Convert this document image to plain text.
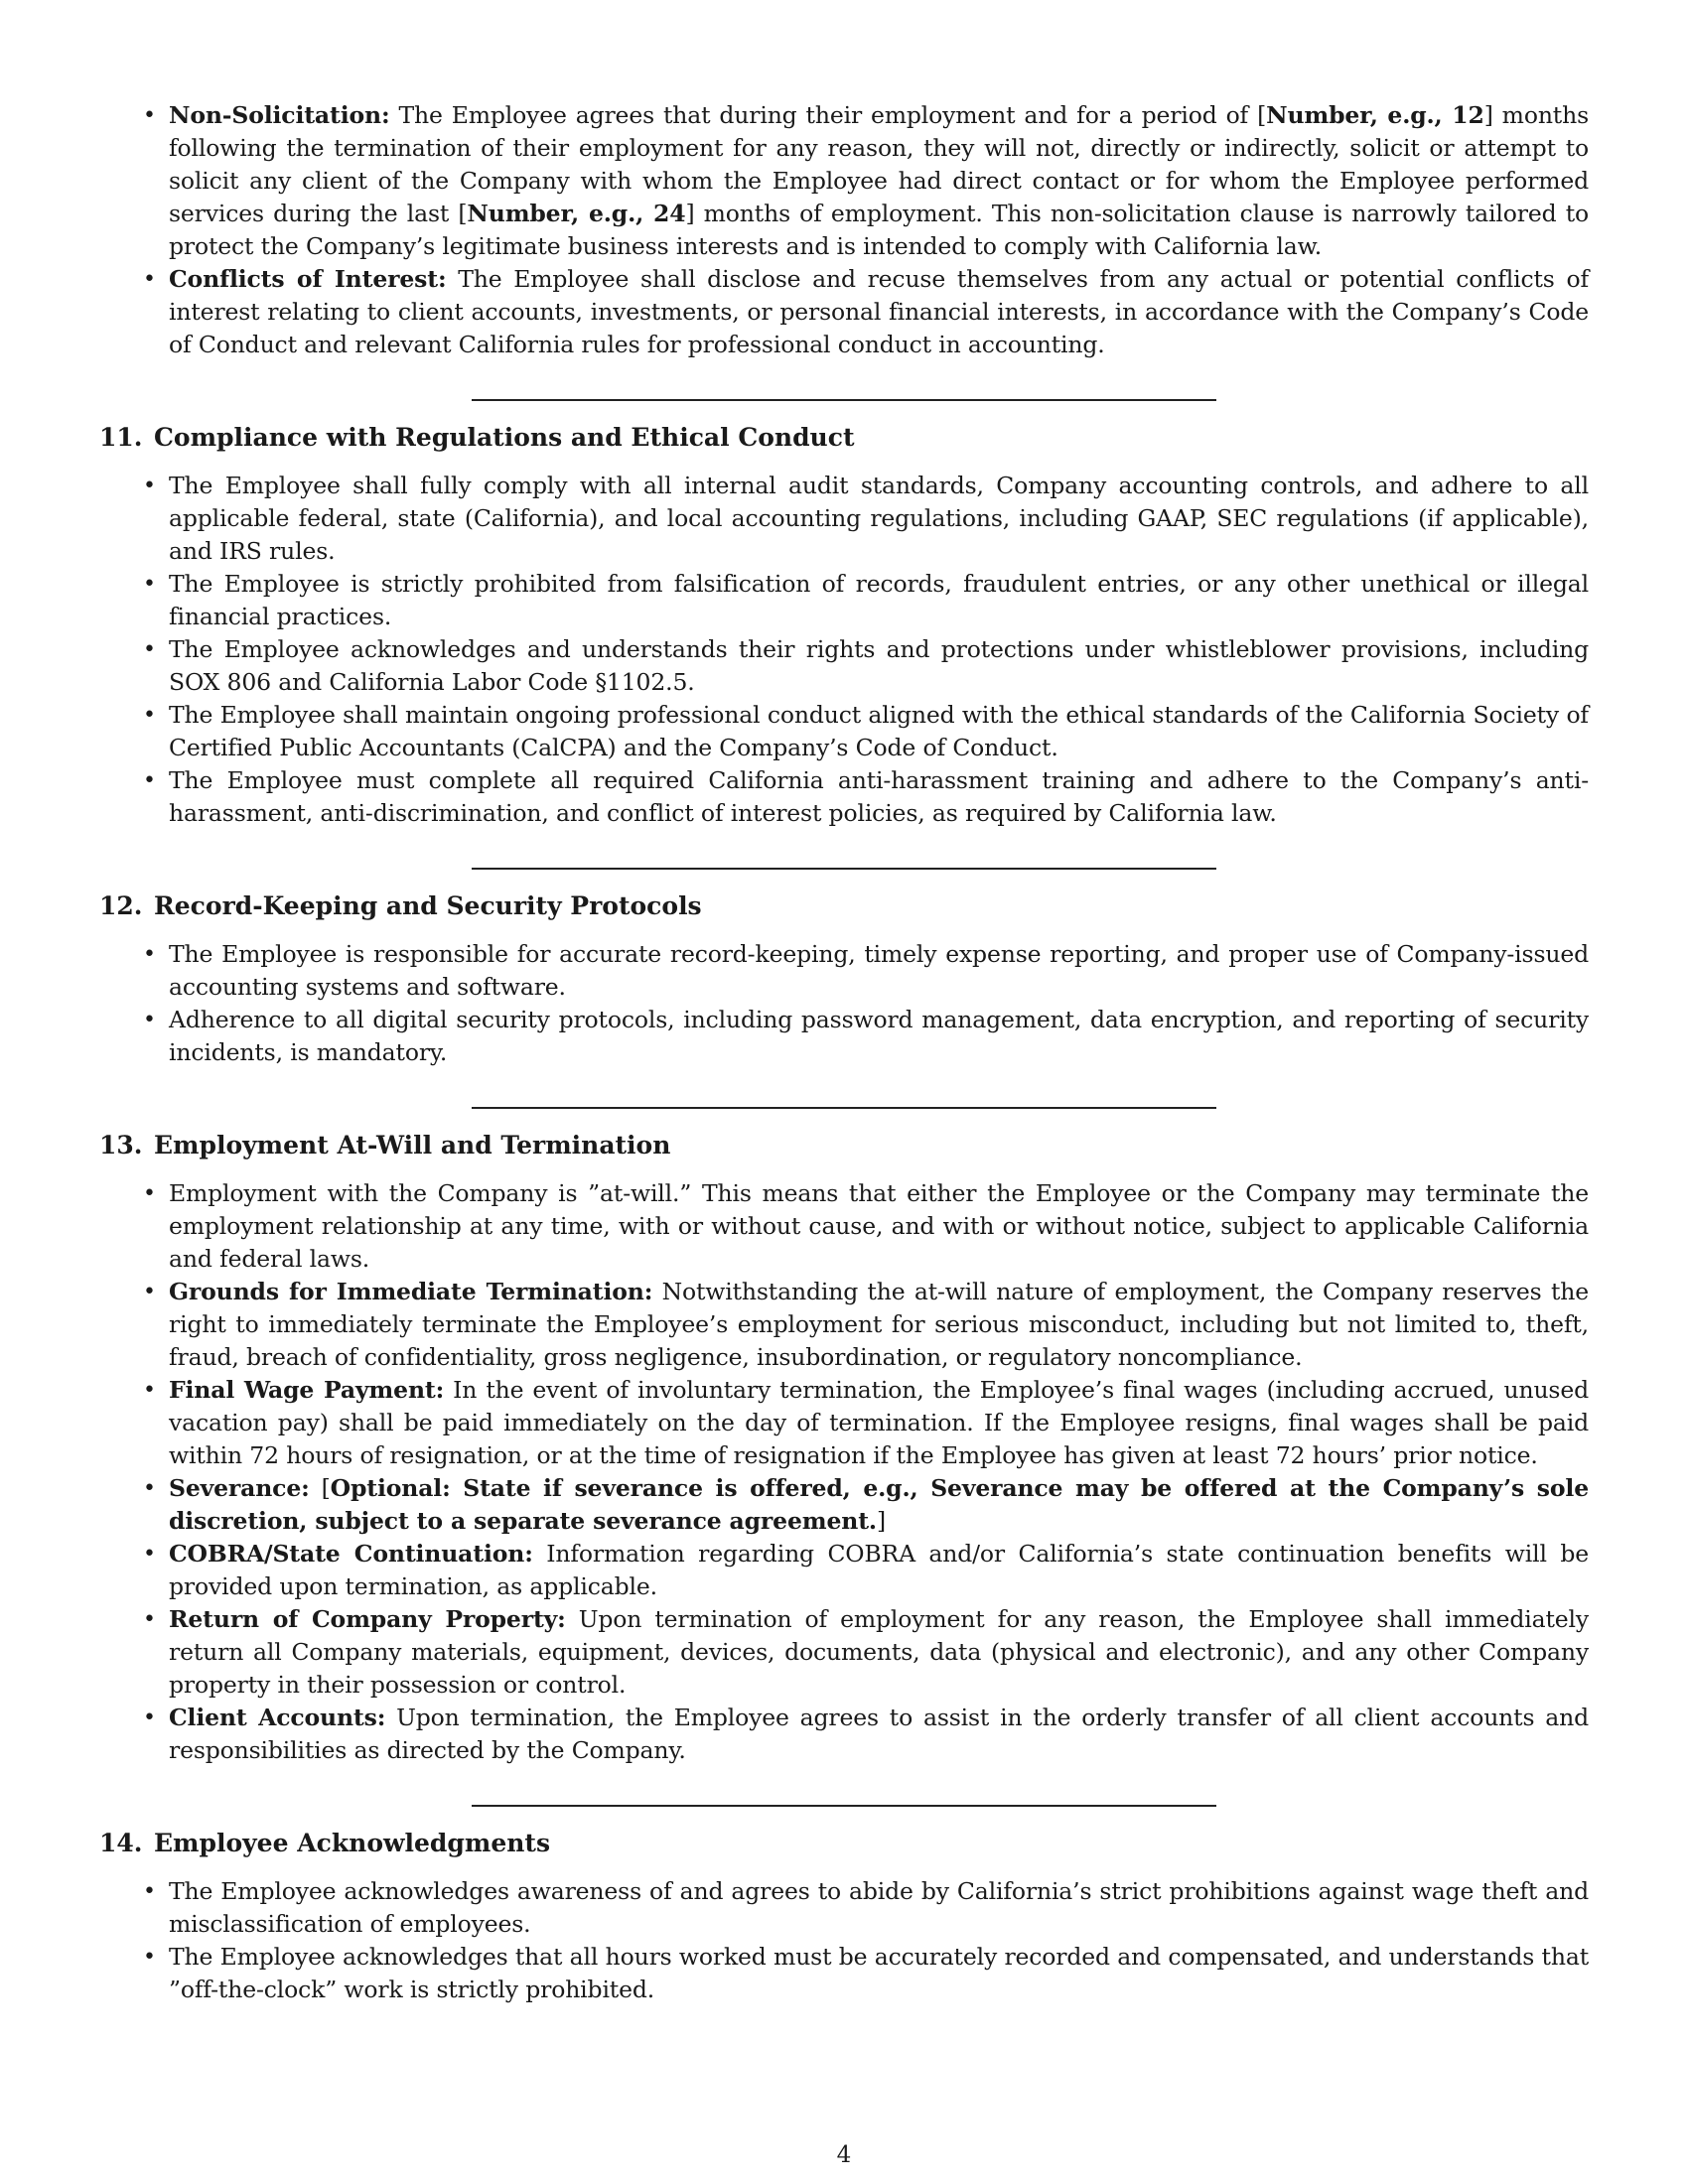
• Non-Solicitation: The Employee agrees that during their employment and for a period of [Number, e.g., 12] months following the termination of their employment for any reason, they will not, directly or indirectly, solicit or attempt to solicit any client of the Company with whom the Employee had direct contact or for whom the Employee performed services during the last [Number, e.g., 24] months of employment. This non-solicitation clause is narrowly tailored to protect the Company’s legitimate business interests and is intended to comply with California law.
• Conflicts of Interest: The Employee shall disclose and recuse themselves from any actual or potential conflicts of interest relating to client accounts, investments, or personal financial interests, in accordance with the Company’s Code of Conduct and relevant California rules for professional conduct in accounting.
11. Compliance with Regulations and Ethical Conduct
• The Employee shall fully comply with all internal audit standards, Company accounting controls, and adhere to all applicable federal, state (California), and local accounting regulations, including GAAP, SEC regulations (if applicable), and IRS rules.
• The Employee is strictly prohibited from falsification of records, fraudulent entries, or any other unethical or illegal financial practices.
• The Employee acknowledges and understands their rights and protections under whistleblower provisions, including SOX 806 and California Labor Code §1102.5.
• The Employee shall maintain ongoing professional conduct aligned with the ethical standards of the California Society of Certified Public Accountants (CalCPA) and the Company’s Code of Conduct.
• The Employee must complete all required California anti-harassment training and adhere to the Company’s anti-harassment, anti-discrimination, and conflict of interest policies, as required by California law.
12. Record-Keeping and Security Protocols
• The Employee is responsible for accurate record-keeping, timely expense reporting, and proper use of Company-issued accounting systems and software.
• Adherence to all digital security protocols, including password management, data encryption, and reporting of security incidents, is mandatory.
13. Employment At-Will and Termination
• Employment with the Company is ”at-will.” This means that either the Employee or the Company may terminate the employment relationship at any time, with or without cause, and with or without notice, subject to applicable California and federal laws.
• Grounds for Immediate Termination: Notwithstanding the at-will nature of employment, the Company reserves the right to immediately terminate the Employee’s employment for serious misconduct, including but not limited to, theft, fraud, breach of confidentiality, gross negligence, insubordination, or regulatory noncompliance.
• Final Wage Payment: In the event of involuntary termination, the Employee’s final wages (including accrued, unused vacation pay) shall be paid immediately on the day of termination. If the Employee resigns, final wages shall be paid within 72 hours of resignation, or at the time of resignation if the Employee has given at least 72 hours’ prior notice.
• Severance: [Optional: State if severance is offered, e.g., Severance may be offered at the Company’s sole discretion, subject to a separate severance agreement.]
• COBRA/State Continuation: Information regarding COBRA and/or California’s state continuation benefits will be provided upon termination, as applicable.
• Return of Company Property: Upon termination of employment for any reason, the Employee shall immediately return all Company materials, equipment, devices, documents, data (physical and electronic), and any other Company property in their possession or control.
• Client Accounts: Upon termination, the Employee agrees to assist in the orderly transfer of all client accounts and responsibilities as directed by the Company.
14. Employee Acknowledgments
• The Employee acknowledges awareness of and agrees to abide by California’s strict prohibitions against wage theft and misclassification of employees.
• The Employee acknowledges that all hours worked must be accurately recorded and compensated, and understands that ”off-the-clock” work is strictly prohibited.
4
